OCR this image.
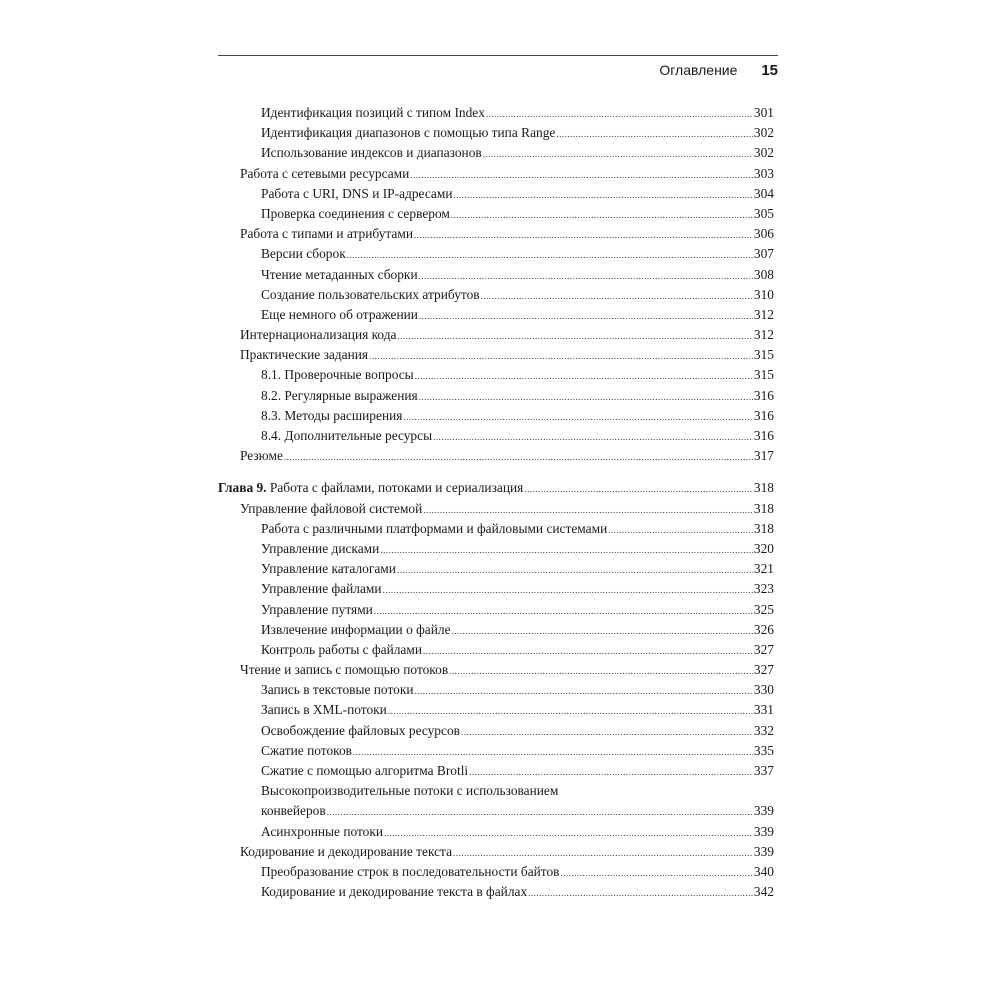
Оглавление 15
Идентификация позиций с типом Index .....	301
Идентификация диапазонов с помощью типа Range .....	302
Использование индексов и диапазонов .....	302
Работа с сетевыми ресурсами .....	303
Работа с URI, DNS и IP-адресами .....	304
Проверка соединения с сервером .....	305
Работа с типами и атрибутами .....	306
Версии сборок .....	307
Чтение метаданных сборки .....	308
Создание пользовательских атрибутов .....	310
Еще немного об отражении .....	312
Интернационализация кода .....	312
Практические задания .....	315
8.1. Проверочные вопросы .....	315
8.2. Регулярные выражения .....	316
8.3. Методы расширения .....	316
8.4. Дополнительные ресурсы .....	316
Резюме .....	317
Глава 9. Работа с файлами, потоками и сериализация .....	318
Управление файловой системой .....	318
Работа с различными платформами и файловыми системами .....	318
Управление дисками .....	320
Управление каталогами .....	321
Управление файлами .....	323
Управление путями .....	325
Извлечение информации о файле .....	326
Контроль работы с файлами .....	327
Чтение и запись с помощью потоков .....	327
Запись в текстовые потоки .....	330
Запись в XML-потоки .....	331
Освобождение файловых ресурсов .....	332
Сжатие потоков .....	335
Сжатие с помощью алгоритма Brotli .....	337
Высокопроизводительные потоки с использованием
конвейеров .....	339
Асинхронные потоки .....	339
Кодирование и декодирование текста .....	339
Преобразование строк в последовательности байтов .....	340
Кодирование и декодирование текста в файлах .....	342
